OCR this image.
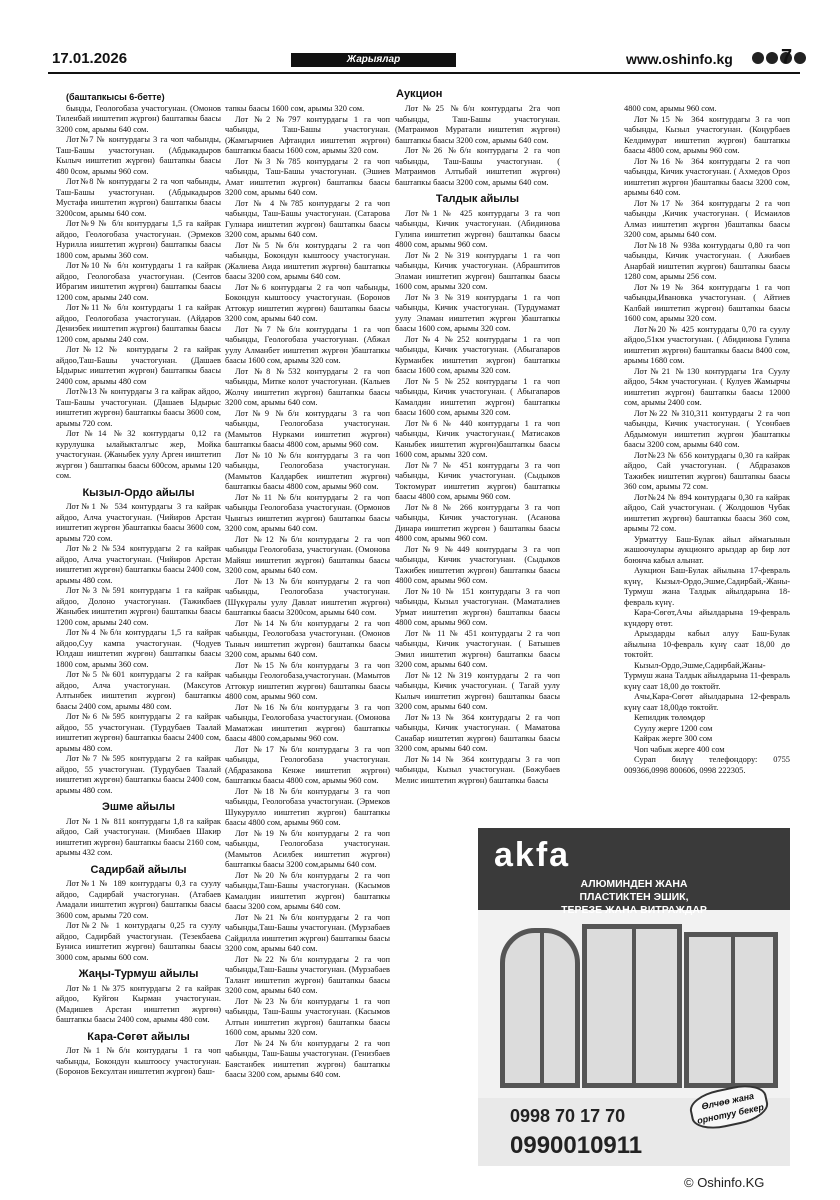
17.01.2026	Жарыялар	www.oshinfo.kg 7
Аукцион

(баштапкысы 6-бетте)

бынды, Геологобаза участогунан. (Омонов Тиленбай ииштетип жүргөн) баштапкы баасы 3200 сом, арымы 640 сом.

Лот№7 № контурдагы 3 га чоп чабынды, Таш-Башы участогунан. (Абдыкадыров Кылыч ииштетип жүргөн) баштапкы баасы 480 0сом, арымы 960 сом.

Лот№8 № контурдагы 2 га чоп чабынды, Таш-Башы участогунан. (Абдыкадыров Мустафа ииштетип жүргөн) баштапкы баасы 3200сом, арымы 640 сом.

Лот№9 № б/н контурдагы 1,5 га кайрак айдоо, Геологобаза участогунан. (Эрмеков Нурилла ииштетип жүргөн) баштапкы баасы 1800 сом, арымы 360 сом.

Лот№10 № б/н контурдагы 1 га кайрак айдоо, Геологобаза участогунан. (Сеитов Ибрагим ииштетип жүргөн) баштапкы баасы 1200 сом, арымы 240 сом.

Лот№11 № б/н контурдагы 1 га кайрак айдоо, Геологобаза участогунан. (Айдаров Дениэбек ииштетип жүргөн) баштапкы баасы 1200 сом, арымы 240 сом.

Лот№12 № контурдагы 2 га кайрак айдоо,Таш-Башы участогунан. (Дашаев Ыдырыс ииштетип жүргөн) баштапкы баасы 2400 сом, арымы 480 сом

Лот№13 № контурдагы 3 га кайрак айдоо, Таш-Башы участогунан. (Дашаев Ыдырыс ииштетип жүргөн) баштапкы баасы 3600 сом, арымы 720 сом.

Лот№14 №32 контурдагы 0,12 га курулушка ылайыкталгыс жер, Мойка участогунан. (Жаныбек уулу Арген ииштетип жүргөн ) баштапкы баасы 600сом, арымы 120 сом.

Кызыл-Ордо айылы

Лот№1 № 534 контурдагы 3 га кайрак айдоо, Алча участогунан. (Чийиров Арстан ииштетип жүргөн )баштапкы баасы 3600 сом, арымы 720 сом.

Лот№2 №534 контурдагы 2 га кайрак айдоо, Алча участогунан. (Чийиров Арстан ииштетип жүргөн) баштапкы баасы 2400 сом, арымы 480 сом.

Лот№3 №591 контурдагы 1 га кайрак айдоо, Долоно участогунан. (Тажикбаев Жаныбек ииштетип жүргөн) баштапкы баасы 1200 сом, арымы 240 сом.

Лот№4 №б/н контурдагы 1,5 га кайрак айдоо,Суу кампа участогунан. (Чодуев Юлдаш ииштетип жүргөн) баштапкы баасы 1800 сом, арымы 360 сом.

Лот№5 №601 контурдагы 2 га кайрак айдоо, Алча участогунан. (Максутов Алтынбек ииштетип жүргөн) баштапкы баасы 2400 сом, арымы 480 сом.

Лот№6 №595 контурдагы 2 га кайрак айдоо, 55 участогунан. (Турдубаев Таалай ииштетип жүргөн) баштапкы баасы 2400 сом, арымы 480 сом.

Лот№7 №595 контурдагы 2 га кайрак айдоо, 55 участогунан. (Турдубаев Таалай ииштетип жүргөн) баштапкы баасы 2400 сом, арымы 480 сом.

Эшме айылы

Лот № 1 № 811 контурдагы 1,8 га кайрак айдоо, Сай участогунан. (Минбаев Шакир ииштетип жүргөн) баштапкы баасы 2160 сом, арымы 432 сом.

Садирбай айылы

Лот№1 № 189 контурдагы 0,3 га суулу айдоо, Садирбай участогунан. (Атабаев Амадали ииштетип жүргөн) баштапкы баасы 3600 сом, арымы 720 сом.

Лот№2 № 1 контурдагы 0,25 га суулу айдоо, Садирбай участогунан. (Тезекбаева Буниса ииштетип жүргөн) баштапкы баасы 3000 сом, арымы 600 сом.

Жаңы-Турмуш айылы

Лот№1 №375 контурдагы 2 га кайрак айдоо, Куйгөн Кырман участогунан. (Мадишев Арстан ииштетип жүргөн) баштапкы баасы 2400 сом, арымы 480 сом.

Кара-Сөгөт айылы

Лот№1 №б/н контурдагы 1 га чоп чабынды, Бокондун кыштоосу участогунан. (Боронов Бексултан ииштетип жүргөн) баш-

тапкы баасы 1600 сом, арымы 320 сом.

Лот №2 №797 контурдагы 1 га чоп чабынды, Таш-Башы участогунан. (Жамгырчиев Афтандил ииштетип жүргөн) баштапкы баасы 1600 сом, арымы 320 сом.

Лот №3 №785 контурдагы 2 га чоп чабынды, Таш-Башы участогунан. (Эшиев Амат ииштетип жүргөн) баштапкы баасы 3200 сом, арымы 640 сом.

Лот № 4 №785 контурдагы 2 га чоп чабынды, Таш-Башы участогунан. (Сатарова Гулнара ииштетип жүргөн) баштапкы баасы 3200 сом, арымы 640 сом.

Лот№5 №б/н контурдагы 2 га чоп чабынды, Бокондун кыштоосу участогунан. (Жалиева Аида ииштетип жүргөн) баштапкы баасы 3200 сом, арымы 640 сом.

Лот№6 контурдагы 2 га чоп чабынды, Бокондун кыштоосу участогунан. (Боронов Аттокур ииштетип жүргөн) баштапкы баасы 3200 сом, арымы 640 сом.

Лот №7 №б/н контурдагы 1 га чоп чабынды, Геологобаза участогунан. (Абжал уулу Алманбет ииштетип жүргөн )баштапкы баасы 1600 сом, арымы 320 сом.

Лот №8 №532 контурдагы 2 га чоп чабынды, Митке колот участогунан. (Калыев Жолчу ииштетип жүргөн) баштапкы баасы 3200 сом, арымы 640 сом.

Лот№9 №б/н контурдагы 3 га чоп чабынды, Геологобаза участогунан. (Мамытов Нурками ииштетип жүргөн) баштапкы баасы 4800 сом, арымы 960 сом.

Лот№10 №б/н контурдагы 3 га чоп чабынды, Геологобаза участогунан. (Мамытов Калдарбек ииштетип жүргөн) баштапкы баасы 4800 сом, арымы 960 сом.

Лот№11 №б/н контурдагы 2 га чоп чабынды Геологобаза участогунан. (Ормонов Чынгыз ииштетип жүргөн) баштапкы баасы 3200 сом, арымы 640 сом.

Лот №12 №б/н контурдагы 2 га чоп чабынды Геологобаза, участогунан. (Омонова Майяш ииштетип жүргөн) баштапкы баасы 3200 сом, арымы 640 сом.

Лот №13 №б/н контурдагы 2 га чоп чабынды, Геологобаза участогунан. (Шүкүралы уулу Давлат ииштетип жүргөн) баштапкы баасы 3200сом, арымы 640 сом.

Лот №14 №б/н контурдагы 2 га чоп чабынды, Геологобаза участогунан. (Омонов Тыныч ииштетип жүргөн) баштапкы баасы 3200 сом, арымы 640 сом.

Лот №15 №б/н контурдагы 3 га чоп чабынды Геологобаза,участогунан. (Мамытов Аттокур ииштетип жүргөн) баштапкы баасы 4800 сом, арымы 960 сом.

Лот №16 №б/н контурдагы 3 га чоп чабынды, Геологобаза участогунан. (Омонова Маматжан ииштетип жүргөн) баштапкы баасы 4800 сом,арымы 960 сом.

Лот №17 №б/н контурдагы 3 га чоп чабынды, Геологобаза участогунан. (Абдразакова Кенже ииштетип жүргөн) баштапкы баасы 4800 сом, арымы 960 сом.

Лот №18 №б/н контурдагы 3 га чоп чабынды, Геологобаза участогунан. (Эрмеков Шукурулло ииштетип жүргөн) баштапкы баасы 4800 сом, арымы 960 сом.

Лот №19 №б/н контурдагы 2 га чоп чабынды, Геологобаза участогунан. (Мамытов Асилбек ииштетип жүргөн) баштапкы баасы 3200 сом,арымы 640 сом.

Лот №20 №б/н контурдагы 2 га чоп чабынды,Таш-Башы участогунан. (Касымов Камалдин ииштетип жүргөн) баштапкы баасы 3200 сом, арымы 640 сом.

Лот №21 №б/н контурдагы 2 га чоп чабынды,Таш-Башы участогунан. (Мурзабаев Сайдилла ииштетип жүргөн) баштапкы баасы 3200 сом, арымы 640 сом.

Лот №22 №б/н контурдагы 2 га чоп чабынды,Таш-Башы участогунан. (Мурзабаев Талант ииштетип жүргөн) баштапкы баасы 3200 сом, арымы 640 сом.

Лот №23 №б/н контурдагы 1 га чоп чабынды, Таш-Башы участогунан. (Касымов Алтын ииштетип жүргөн) баштапкы баасы 1600 сом, арымы 320 сом.

Лот №24 №б/н контурдагы 2 га чоп чабынды, Таш-Башы участогунан. (Генизбаев Баястанбек ииштетип жүргөн) баштапкы баасы 3200 сом, арымы 640 сом.

Лот№25 №б/н контурдагы 2га чоп чабынды, Таш-Башы участогунан. (Матраимов Муратали ииштетип жүргөн) баштапкы баасы 3200 сом, арымы 640 сом.

Лот№26 №б/н контурдагы 2 га чоп чабынды, Таш-Башы участогунан. ( Матраимов Алтыбай ииштетип жүргөн) баштапкы баасы 3200 сом, арымы 640 сом.

Талдык айылы

Лот№1 № 425 контурдагы 3 га чоп чабынды, Кичик участогунан. (Абидинова Гулипа ииштетип жүргөн) баштапкы баасы 4800 сом, арымы 960 сом.

Лот№2 №319 контурдагы 1 га чоп чабынды, Кичик участогунан. (Абраштитов Эламан ииштетип жүргөн) баштапкы баасы 1600 сом, арымы 320 сом.

Лот№3 №319 контурдагы 1 га чоп чабынды, Кичик участогунан. (Турдумамат уулу Эламан ииштетип жүргөн )баштапкы баасы 1600 сом, арымы 320 сом.

Лот№4 №252 контурдагы 1 га чоп чабынды, Кичик участогунан. (Абыгапаров Курманбек ииштетип жүргөн) баштапкы баасы 1600 сом, арымы 320 сом.

Лот№5 №252 контурдагы 1 га чоп чабынды, Кичик участогунан. ( Абыгапаров Камалдин ииштетип жүргөн) баштапкы баасы 1600 сом, арымы 320 сом.

Лот№6 № 440 контурдагы 1 га чоп чабынды, Кичик участогунан.( Матисаков Каныбек ииштетип жүргөн)баштапкы баасы 1600 сом, арымы 320 сом.

Лот№7 № 451 контурдагы 3 га чоп чабынды, Кичик участогунан. (Сыдыков Токтомурат ииштетип жүргөн) баштапкы баасы 4800 сом, арымы 960 сом.

Лот№8 № 266 контурдагы 3 га чоп чабынды, Кичик участогунан. (Асанова Динара ииштетип жүргөн ) баштапкы баасы 4800 сом, арымы 960 сом.

Лот№9 №449 контурдагы 3 га чоп чабынды, Кичик участогунан. (Сыдыков Тажибек ииштетип жүргөн) баштапкы баасы 4800 сом, арымы 960 сом.

Лот№10 № 151 контурдагы 3 га чоп чабынды, Кызыл участогунан. (Маматалиев Урмат ииштетип жүргөн) баштапкы баасы 4800 сом, арымы 960 сом.

Лот № 11 № 451 контурдагы 2 га чоп чабынды, Кичик участогунан. ( Батышев Эмил ииштетип жүргөн) баштапкы баасы 3200 сом, арымы 640 сом.

Лот№12 №319 контурдагы 2 га чоп чабынды, Кичик участогунан. ( Тагай уулу Кылыч ииштетип жүргөн) баштапкы баасы 3200 сом, арымы 640 сом.

Лот№13 № 364 контурдагы 2 га чоп чабынды, Кичик участогунан. ( Маматова Санабар ииштетип жүргөн) баштапкы баасы 3200 сом, арымы 640 сом.

Лот№14 № 364 контурдагы 3 га чоп чабынды, Кызыл участогунан. (Бөжубаев Мелис ииштетип жүргөн) баштапкы баасы

4800 сом, арымы 960 сом.

Лот№15 № 364 контурдагы 3 га чоп чабынды, Кызыл участогунан. (Коңурбаев Келдимурат ииштетип жүргөн) баштапкы баасы 4800 сом, арымы 960 сом.

Лот№16 № 364 контурдагы 2 га чоп чабынды, Кичик участогунан. ( Ахмедов Ороз ииштетип жүргөн )баштапкы баасы 3200 сом, арымы 640 сом.

Лот№17 № 364 контурдагы 2 га чоп чабынды ,Кичик участогунан. ( Исмаилов Алмаз ииштетип жүргөн )баштапкы баасы 3200 сом, арымы 640 сом.

Лот№18 № 938а контурдагы 0,80 га чоп чабынды, Кичик участогунан. ( Ажибаев Анарбай ииштетип жүргөн) баштапкы баасы 1280 сом, арымы 256 сом.

Лот№19 № 364 контурдагы 1 га чоп чабынды,Ивановка участогунан. ( Айтиев Калбай ииштетип жүргөн) баштапкы баасы 1600 сом, арымы 320 сом.

Лот№20 № 425 контурдагы 0,70 га суулу айдоо,51км участогунан. ( Абидинова Гулипа ииштетип жүргөн) баштапкы баасы 8400 сом, арымы 1680 сом.

Лот№21 №130 контурдагы 1га Суулу айдоо, 54км участогунан. ( Кулуев Жамырчы ииштетип жүргөн) баштапкы баасы 12000 сом, арымы 2400 сом.

Лот№22 №310,311 контурдагы 2 га чоп чабынды, Кичик участогунан. ( Үсөнбаев Абдымомун ииштетип жүргөн )баштапкы баасы 3200 сом, арымы 640 сом.

Лот№23 № 656 контурдагы 0,30 га кайрак айдоо, Сай участогунан. ( Абдразаков Тажибек ииштетип жүргөн) баштапкы баасы 360 сом, арымы 72 сом.

Лот№24 № 894 контурдагы 0,30 га кайрак айдоо, Сай участогунан. ( Жолдошов Чубак ииштетип жүргөн) баштапкы баасы 360 сом, арымы 72 сом.

Урматтуу Баш-Булак айыл аймагынын жашоочулары аукционго арыздар ар бир лот боюнча кабыл алынат.

Аукцион Баш-Булак айылына 17-февраль күнү, Кызыл-Ордо,Эшме,Садирбай,-Жаны-Турмуш жана Талдык айылдарына 18-февраль күнү.

Кара-Сөгөт,Ачы айылдарына 19-февраль күндөрү өтөт.

Арыздарды кабыл алуу Баш-Булак айылына 10-февраль күнү саат 18,00 дө токтойт.

Кызыл-Ордо,Эшме,Садирбай,Жаны-Турмуш жана Талдык айылдарына 11-февраль күнү саат 18,00 дө токтойт.

Ачы,Кара-Сөгөт айылдарына 12-февраль күнү саат 18,00дө токтойт.

Кепилдик төлөмдөр

Суулу жерге 1200 сом

Кайрак жерге 300 сом

Чоп чабык жерге 400 сом

Сурап билүү телефондору: 0755 009366,0998 800606, 0998 222305.

akfa
АЛЮМИНДЕН ЖАНА
ПЛАСТИКТЕН ЭШИК,
ТЕРЕЗЕ ЖАНА ВИТРАЖДАР
0998 70 17 70
0990010911
Өлчөө жана орнотуу бекер
© Oshinfo.KG
